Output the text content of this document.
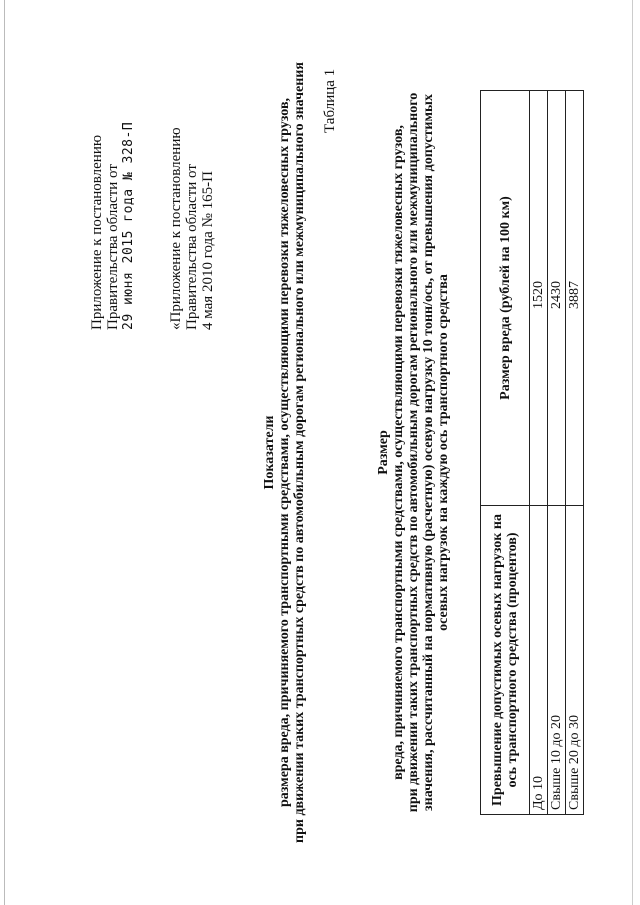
Приложение к постановлению Правительства области от 29 июня 2015 года № 328-П «Приложение к постановлению Правительства области от 4 мая 2010 года № 165-П
Таблица 1
Показатели размера вреда, причиняемого транспортными средствами, осуществляющими перевозки тяжеловесных грузов, при движении таких транспортных средств по автомобильным дорогам регионального или межмуниципального значения	Размер вреда, причиняемого транспортными средствами, осуществляющими перевозки тяжеловесных грузов, при движении таких транспортных средств по автомобильным дорогам регионального или межмуниципального значения, рассчитанный на нормативную (расчетную) осевую нагрузку 10 тонн/ось, от превышения допустимых осевых нагрузок на каждую ось транспортного средства
Превышение допустимых осевых нагрузок на ось транспортного средства (процентов)	Размер вреда (рублей на 100 км)
До 10	1520
Свыше 10 до 20	2430
Свыше 20 до 30	3887
